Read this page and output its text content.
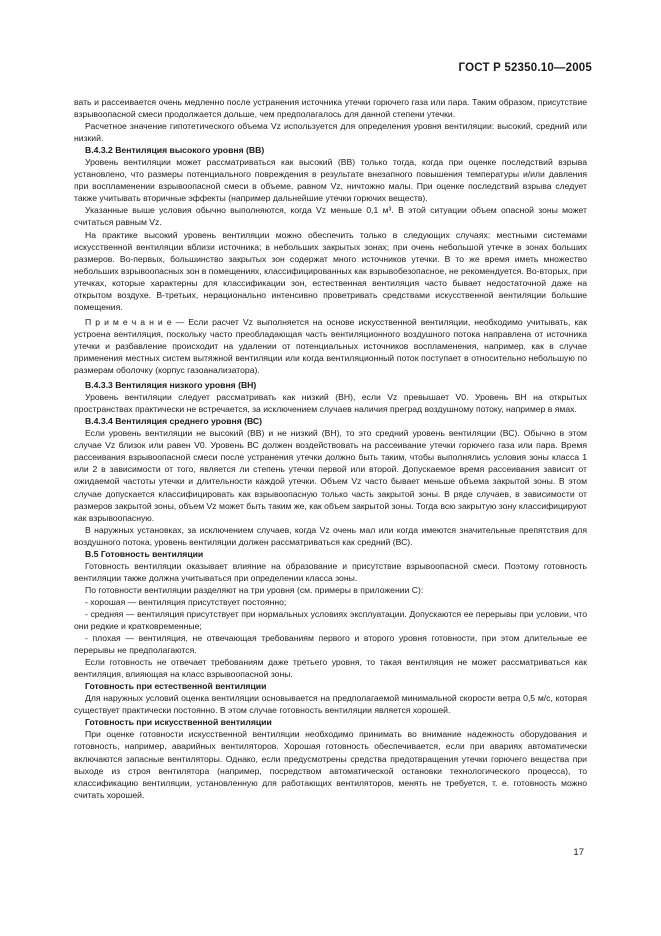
ГОСТ Р 52350.10—2005

вать и рассеивается очень медленно после устранения источника утечки горючего газа или пара. Таким образом, присутствие взрывоопасной смеси продолжается дольше, чем предполагалось для данной степени утечки.

Расчетное значение гипотетического объема Vz используется для определения уровня вентиляции: высокий, средний или низкий.

В.4.3.2 Вентиляция высокого уровня (ВВ)

Уровень вентиляции может рассматриваться как высокий (ВВ) только тогда, когда при оценке последствий взрыва установлено, что размеры потенциального повреждения в результате внезапного повышения температуры и/или давления при воспламенении взрывоопасной смеси в объеме, равном Vz, ничтожно малы. При оценке последствий взрыва следует также учитывать вторичные эффекты (например дальнейшие утечки горючих веществ).

Указанные выше условия обычно выполняются, когда Vz меньше 0,1 м³. В этой ситуации объем опасной зоны может считаться равным Vz.

На практике высокий уровень вентиляции можно обеспечить только в следующих случаях: местными системами искусственной вентиляции вблизи источника; в небольших закрытых зонах; при очень небольшой утечке в зонах больших размеров. Во-первых, большинство закрытых зон содержат много источников утечки. В то же время иметь множество небольших взрывоопасных зон в помещениях, классифицированных как взрывобезопасное, не рекомендуется. Во-вторых, при утечках, которые характерны для классификации зон, естественная вентиляция часто бывает недостаточной даже на открытом воздухе. В-третьих, нерационально интенсивно проветривать средствами искусственной вентиляции большие помещения.

П р и м е ч а н и е — Если расчет Vz выполняется на основе искусственной вентиляции, необходимо учитывать, как устроена вентиляция, поскольку часто преобладающая часть вентиляционного воздушного потока направлена от источника утечки и разбавление происходит на удалении от потенциальных источников воспламенения, например, как в случае применения местных систем вытяжной вентиляции или когда вентиляционный поток поступает в относительно небольшую по размерам оболочку (корпус газоанализатора).

В.4.3.3 Вентиляция низкого уровня (ВН)

Уровень вентиляции следует рассматривать как низкий (ВН), если Vz превышает V0. Уровень ВН на открытых пространствах практически не встречается, за исключением случаев наличия преград воздушному потоку, например в ямах.

В.4.3.4 Вентиляция среднего уровня (ВС)

Если уровень вентиляции не высокий (ВВ) и не низкий (ВН), то это средний уровень вентиляции (ВС). Обычно в этом случае Vz близок или равен V0. Уровень ВС должен воздействовать на рассеивание утечки горючего газа или пара. Время рассеивания взрывоопасной смеси после устранения утечки должно быть таким, чтобы выполнялись условия зоны класса 1 или 2 в зависимости от того, является ли степень утечки первой или второй. Допускаемое время рассеивания зависит от ожидаемой частоты утечки и длительности каждой утечки. Объем Vz часто бывает меньше объема закрытой зоны. В этом случае допускается классифицировать как взрывоопасную только часть закрытой зоны. В ряде случаев, в зависимости от размеров закрытой зоны, объем Vz может быть таким же, как объем закрытой зоны. Тогда всю закрытую зону классифицируют как взрывоопасную.

В наружных установках, за исключением случаев, когда Vz очень мал или когда имеются значительные препятствия для воздушного потока, уровень вентиляции должен рассматриваться как средний (ВС).

В.5 Готовность вентиляции

Готовность вентиляции оказывает влияние на образование и присутствие взрывоопасной смеси. Поэтому готовность вентиляции также должна учитываться при определении класса зоны.

По готовности вентиляции разделяют на три уровня (см. примеры в приложении С):

- хорошая — вентиляция присутствует постоянно;

- средняя — вентиляция присутствует при нормальных условиях эксплуатации. Допускаются ее перерывы при условии, что они редкие и кратковременные;

- плохая — вентиляция, не отвечающая требованиям первого и второго уровня готовности, при этом длительные ее перерывы не предполагаются.

Если готовность не отвечает требованиям даже третьего уровня, то такая вентиляция не может рассматриваться как вентиляция, влияющая на класс взрывоопасной зоны.

Готовность при естественной вентиляции

Для наружных условий оценка вентиляции основывается на предполагаемой минимальной скорости ветра 0,5 м/с, которая существует практически постоянно. В этом случае готовность вентиляции является хорошей.

Готовность при искусственной вентиляции

При оценке готовности искусственной вентиляции необходимо принимать во внимание надежность оборудования и готовность, например, аварийных вентиляторов. Хорошая готовность обеспечивается, если при авариях автоматически включаются запасные вентиляторы. Однако, если предусмотрены средства предотвращения утечки горючего вещества при выходе из строя вентилятора (например, посредством автоматической остановки технологического процесса), то классификацию вентиляции, установленную для работающих вентиляторов, менять не требуется, т. е. готовность можно считать хорошей.

17
